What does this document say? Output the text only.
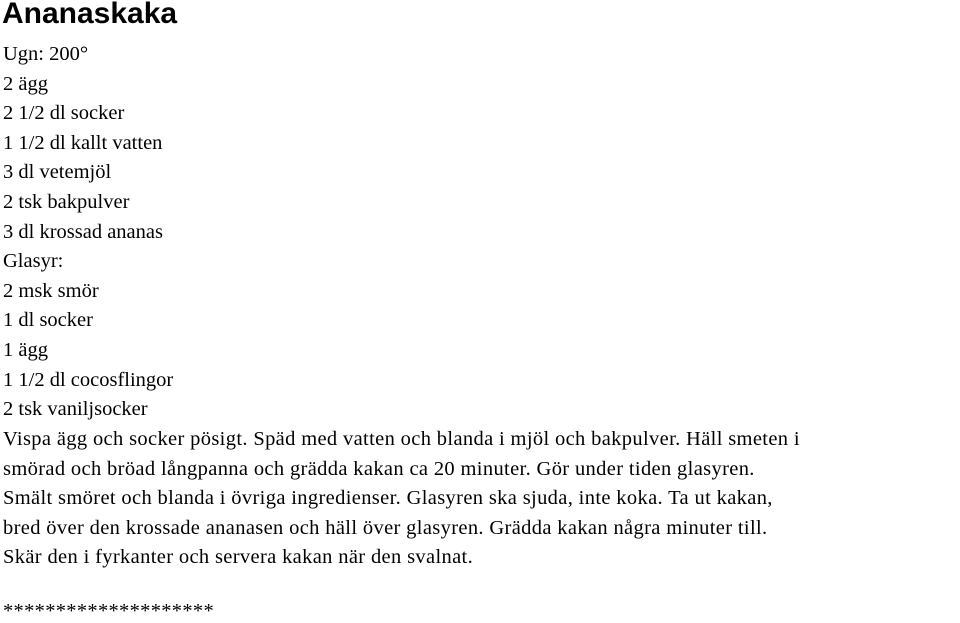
Ananaskaka
Ugn: 200°
2 ägg
2 1/2 dl socker
1 1/2 dl kallt vatten
3 dl vetemjöl
2 tsk bakpulver
3 dl krossad ananas
Glasyr:
2 msk smör
1 dl socker
1 ägg
1 1/2 dl cocosflingor
2 tsk vaniljsocker

Vispa ägg och socker pösigt. Späd med vatten och blanda i mjöl och bakpulver. Häll smeten i
smörad och bröad långpanna och grädda kakan ca 20 minuter. Gör under tiden glasyren.
Smält smöret och blanda i övriga ingredienser. Glasyren ska sjuda, inte koka. Ta ut kakan,
bred över den krossade ananasen och häll över glasyren. Grädda kakan några minuter till.
Skär den i fyrkanter och servera kakan när den svalnat.

********************
